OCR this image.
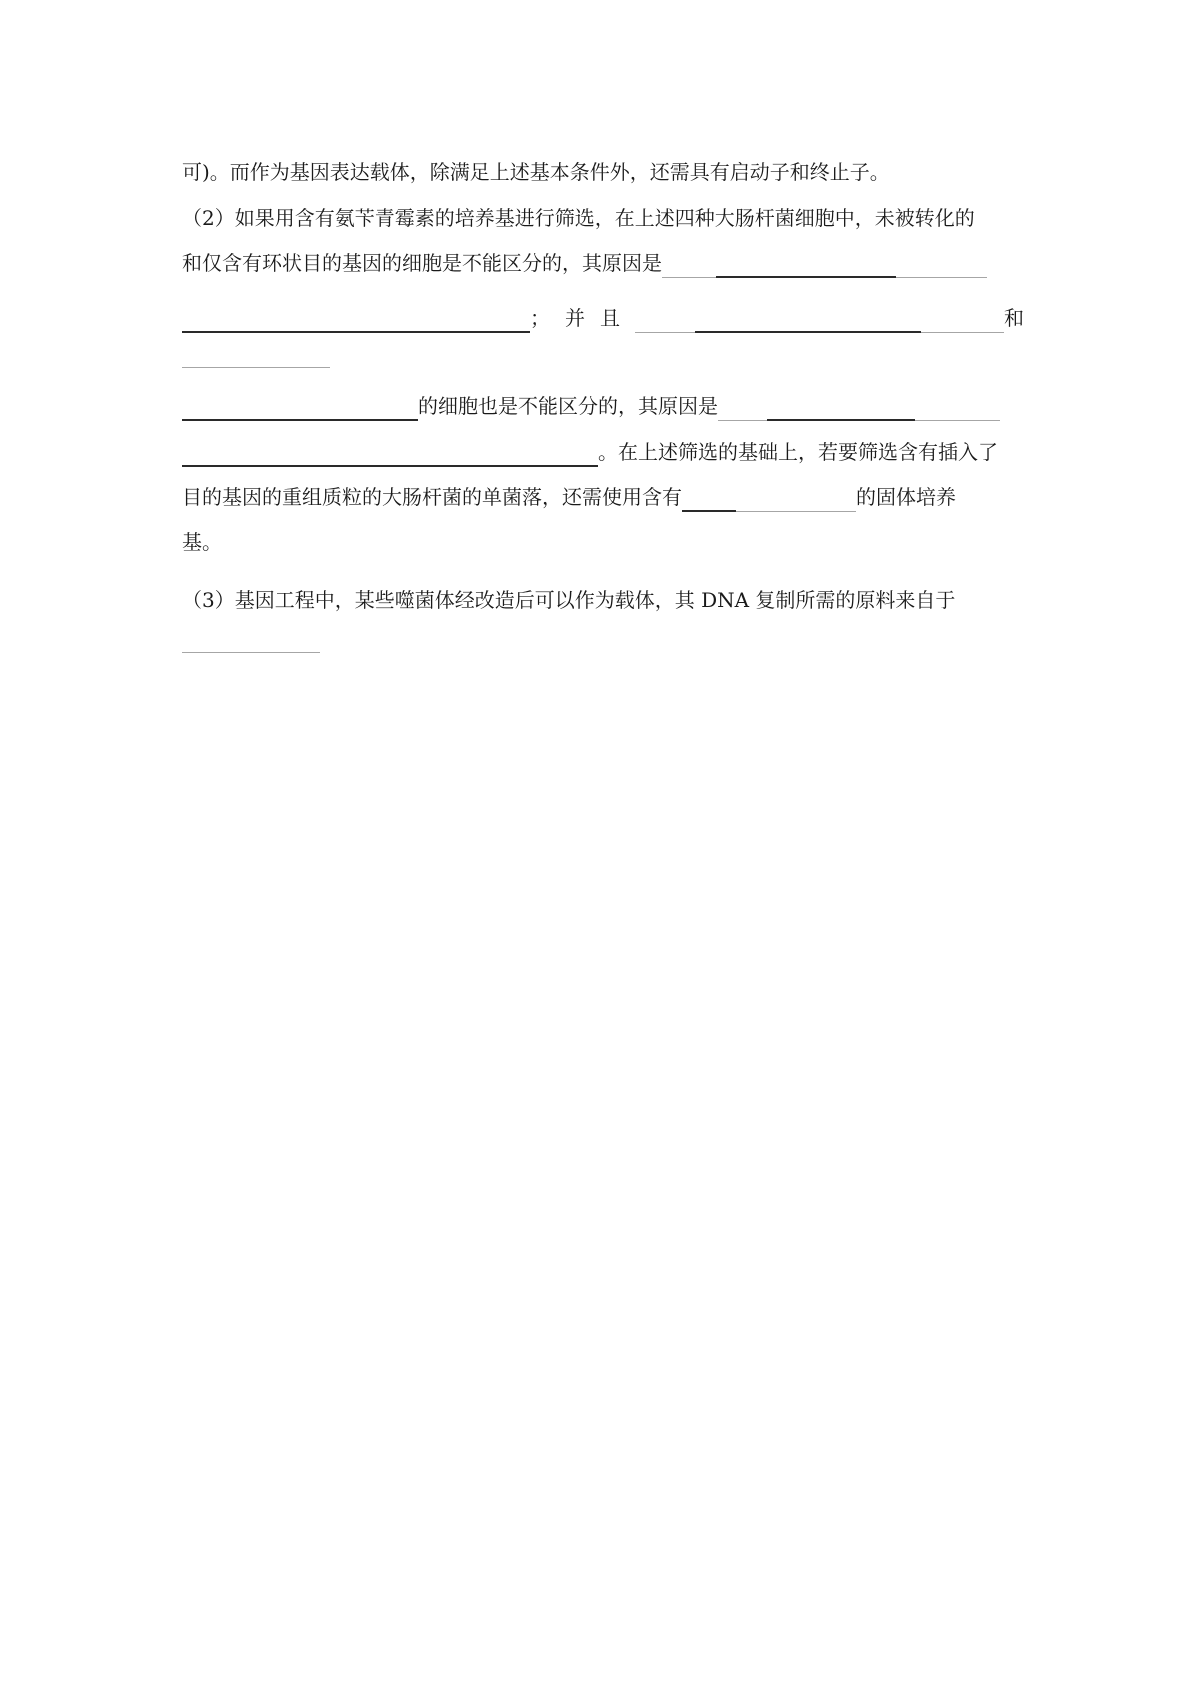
可)。而作为基因表达载体，除满足上述基本条件外，还需具有启动子和终止子。
（2）如果用含有氨苄青霉素的培养基进行筛选，在上述四种大肠杆菌细胞中，未被转化的
和仅含有环状目的基因的细胞是不能区分的，其原因是
； 并 且	和
的细胞也是不能区分的，其原因是
。在上述筛选的基础上，若要筛选含有插入了
目的基因的重组质粒的大肠杆菌的单菌落，还需使用含有	的固体培养
基。
（3）基因工程中，某些噬菌体经改造后可以作为载体，其 DNA 复制所需的原料来自于
